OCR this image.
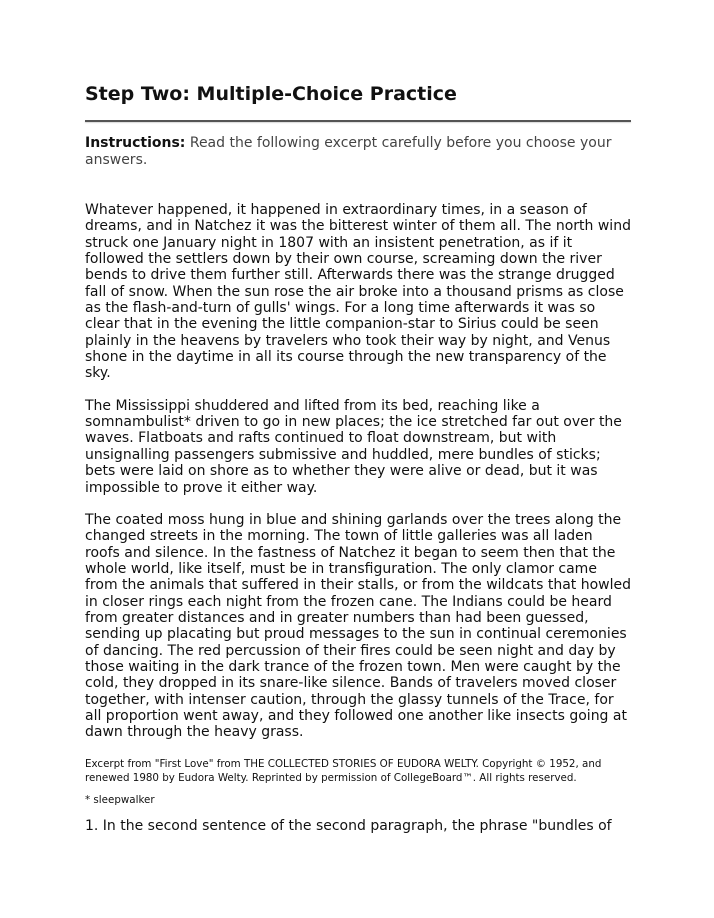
Step Two: Multiple-Choice Practice

Instructions: Read the following excerpt carefully before you choose your answers.

Whatever happened, it happened in extraordinary times, in a season of dreams, and in Natchez it was the bitterest winter of them all. The north wind struck one January night in 1807 with an insistent penetration, as if it followed the settlers down by their own course, screaming down the river bends to drive them further still. Afterwards there was the strange drugged fall of snow. When the sun rose the air broke into a thousand prisms as close as the flash-and-turn of gulls' wings. For a long time afterwards it was so clear that in the evening the little companion-star to Sirius could be seen plainly in the heavens by travelers who took their way by night, and Venus shone in the daytime in all its course through the new transparency of the sky.

The Mississippi shuddered and lifted from its bed, reaching like a somnambulist* driven to go in new places; the ice stretched far out over the waves. Flatboats and rafts continued to float downstream, but with unsignalling passengers submissive and huddled, mere bundles of sticks; bets were laid on shore as to whether they were alive or dead, but it was impossible to prove it either way.

The coated moss hung in blue and shining garlands over the trees along the changed streets in the morning. The town of little galleries was all laden roofs and silence. In the fastness of Natchez it began to seem then that the whole world, like itself, must be in transfiguration. The only clamor came from the animals that suffered in their stalls, or from the wildcats that howled in closer rings each night from the frozen cane. The Indians could be heard from greater distances and in greater numbers than had been guessed, sending up placating but proud messages to the sun in continual ceremonies of dancing. The red percussion of their fires could be seen night and day by those waiting in the dark trance of the frozen town. Men were caught by the cold, they dropped in its snare-like silence. Bands of travelers moved closer together, with intenser caution, through the glassy tunnels of the Trace, for all proportion went away, and they followed one another like insects going at dawn through the heavy grass.

Excerpt from "First Love" from THE COLLECTED STORIES OF EUDORA WELTY. Copyright © 1952, and renewed 1980 by Eudora Welty. Reprinted by permission of CollegeBoard™. All rights reserved.

* sleepwalker

1. In the second sentence of the second paragraph, the phrase "bundles of
